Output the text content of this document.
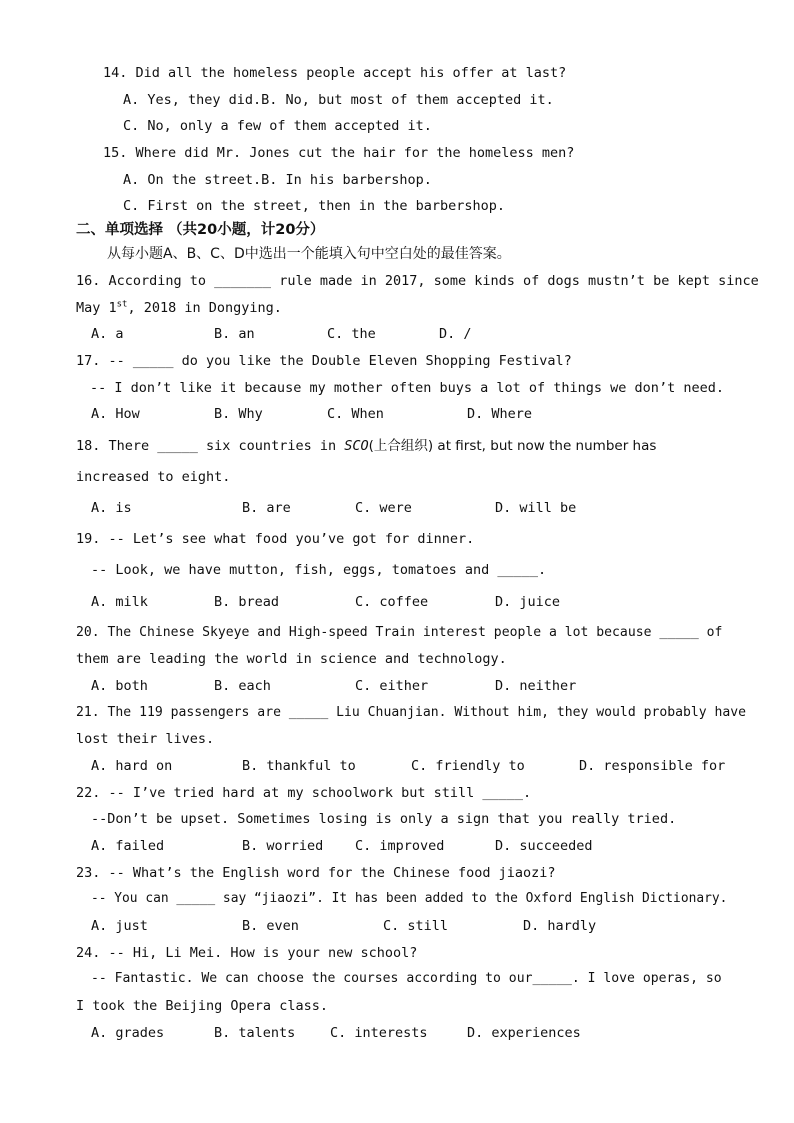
14. Did all the homeless people accept his offer at last?
A. Yes, they did.B. No, but most of them accepted it.
C. No, only a few of them accepted it.
15. Where did Mr. Jones cut the hair for the homeless men?
A. On the street.B. In his barbershop.
C. First on the street, then in the barbershop.
二、单项选择 （共20小题，计20分）
从每小题A、B、C、D中选出一个能填入句中空白处的最佳答案。
16. According to _______ rule made in 2017, some kinds of dogs mustn’t be kept since
May 1st, 2018 in Dongying.
A. a	B. an	C. the	D. /
17. -- _____ do you like the Double Eleven Shopping Festival?
-- I don’t like it because my mother often buys a lot of things we don’t need.
A. How	B. Why	C. When	D. Where
18. There _____ six countries in SCO(上合组织) at first, but now the number has
increased to eight.
A. is	B. are	C. were	D. will be
19. -- Let’s see what food you’ve got for dinner.
-- Look, we have mutton, fish, eggs, tomatoes and _____.
A. milk	B. bread	C. coffee	D. juice
20. The Chinese Skyeye and High-speed Train interest people a lot because _____ of
them are leading the world in science and technology.
A. both	B. each	C. either	D. neither
21. The 119 passengers are _____ Liu Chuanjian. Without him, they would probably have
lost their lives.
A. hard on	B. thankful to	C. friendly to	D. responsible for
22. -- I’ve tried hard at my schoolwork but still _____.
--Don’t be upset. Sometimes losing is only a sign that you really tried.
A. failed	B. worried C. improved	D. succeeded
23. -- What’s the English word for the Chinese food jiaozi?
-- You can _____ say “jiaozi”. It has been added to the Oxford English Dictionary.
A. just	B. even	C. still	D. hardly
24. -- Hi, Li Mei. How is your new school?
-- Fantastic. We can choose the courses according to our_____. I love operas, so
I took the Beijing Opera class.
A. grades	B. talents	C. interests	D. experiences
